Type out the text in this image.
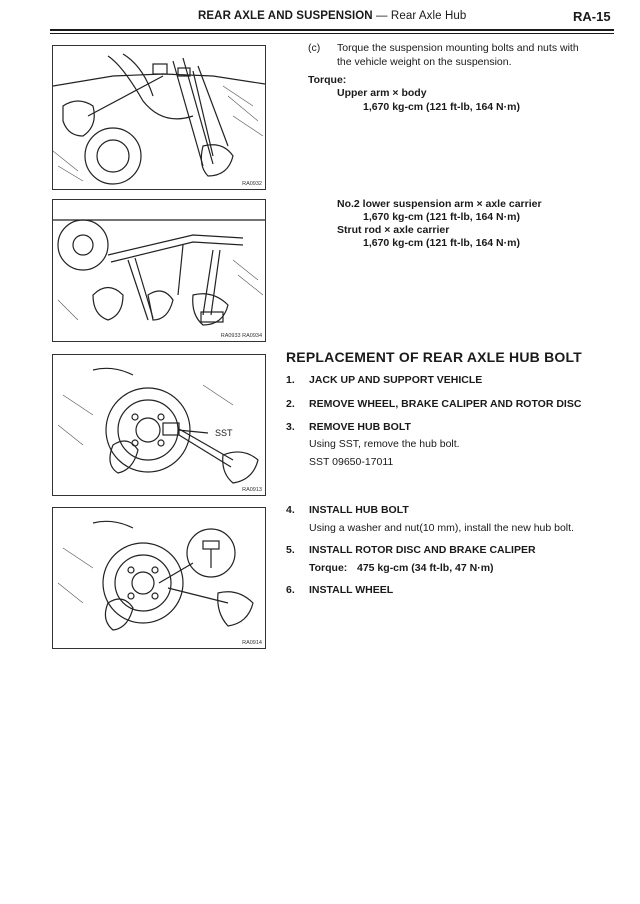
REAR AXLE AND SUSPENSION — Rear Axle Hub	RA-15
RA0932
RA0933 RA0934
SST
RA0913
RA0914
(c) Torque the suspension mounting bolts and nuts with
the vehicle weight on the suspension.
Torque:
Upper arm × body
1,670 kg-cm (121 ft-lb, 164 N·m)
No.2 lower suspension arm × axle carrier
1,670 kg-cm (121 ft-lb, 164 N·m)
Strut rod × axle carrier
1,670 kg-cm (121 ft-lb, 164 N·m)
REPLACEMENT OF REAR AXLE HUB BOLT
1. JACK UP AND SUPPORT VEHICLE
2. REMOVE WHEEL, BRAKE CALIPER AND ROTOR DISC
3. REMOVE HUB BOLT
Using SST, remove the hub bolt.
SST 09650-17011
4. INSTALL HUB BOLT
Using a washer and nut(10 mm), install the new hub bolt.
5. INSTALL ROTOR DISC AND BRAKE CALIPER
Torque: 475 kg-cm (34 ft-lb, 47 N·m)
6. INSTALL WHEEL
